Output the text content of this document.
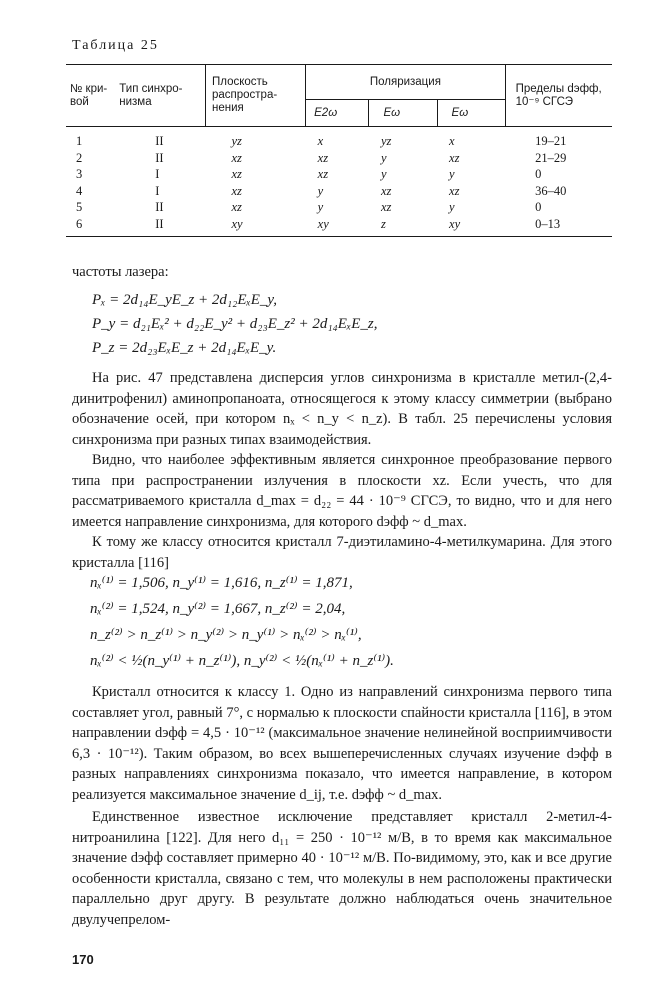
Таблица 25

№ кри-вой	Тип синхро-низма	Плоскость распростра-нения	Поляризация			Пределы dэфф, 10⁻⁹ СГСЭ
			E2ω	Eω	Eω	

1	II	yz	x	yz	x	19–21
2	II	xz	xz	y	xz	21–29
3	I	xz	xz	y	y	0
4	I	xz	y	xz	xz	36–40
5	II	xz	y	xz	y	0
6	II	xy	xy	z	xy	0–13

частоты лазера:

Pₓ = 2d₁₄E_yE_z + 2d₁₂EₓE_y,
P_y = d₂₁Eₓ² + d₂₂E_y² + d₂₃E_z² + 2d₁₄EₓE_z,
P_z = 2d₂₃EₓE_z + 2d₁₄EₓE_y.

На рис. 47 представлена дисперсия углов синхронизма в кристалле метил-(2,4-динитрофенил) аминопропаноата, относящегося к этому классу симметрии (выбрано обозначение осей, при котором nₓ < n_y < n_z). В табл. 25 перечислены условия синхронизма при разных типах взаимодействия.

Видно, что наиболее эффективным является синхронное преобразование первого типа при распространении излучения в плоскости xz. Если учесть, что для рассматриваемого кристалла d_max = d₂₂ = 44 · 10⁻⁹ СГСЭ, то видно, что и для него имеется направление синхронизма, для которого dэфф ~ d_max.

К тому же классу относится кристалл 7-диэтиламино-4-метилкумарина. Для этого кристалла [116]

nₓ⁽¹⁾ = 1,506, n_y⁽¹⁾ = 1,616, n_z⁽¹⁾ = 1,871,
nₓ⁽²⁾ = 1,524, n_y⁽²⁾ = 1,667, n_z⁽²⁾ = 2,04,
n_z⁽²⁾ > n_z⁽¹⁾ > n_y⁽²⁾ > n_y⁽¹⁾ > nₓ⁽²⁾ > nₓ⁽¹⁾,
nₓ⁽²⁾ < ½(n_y⁽¹⁾ + n_z⁽¹⁾), n_y⁽²⁾ < ½(nₓ⁽¹⁾ + n_z⁽¹⁾).

Кристалл относится к классу 1. Одно из направлений синхронизма первого типа составляет угол, равный 7°, с нормалью к плоскости спайности кристалла [116], в этом направлении dэфф = 4,5 · 10⁻¹² (максимальное значение нелинейной восприимчивости 6,3 · 10⁻¹²). Таким образом, во всех вышеперечисленных случаях изучение dэфф в разных направлениях синхронизма показало, что имеется направление, в котором реализуется максимальное значение d_ij, т.е. dэфф ~ d_max.

Единственное известное исключение представляет кристалл 2-метил-4-нитроанилина [122]. Для него d₁₁ = 250 · 10⁻¹² м/В, в то время как максимальное значение dэфф составляет примерно 40 · 10⁻¹² м/В. По-видимому, это, как и все другие особенности кристалла, связано с тем, что молекулы в нем расположены практически параллельно друг другу. В результате должно наблюдаться очень значительное двулучепрелом-

170
